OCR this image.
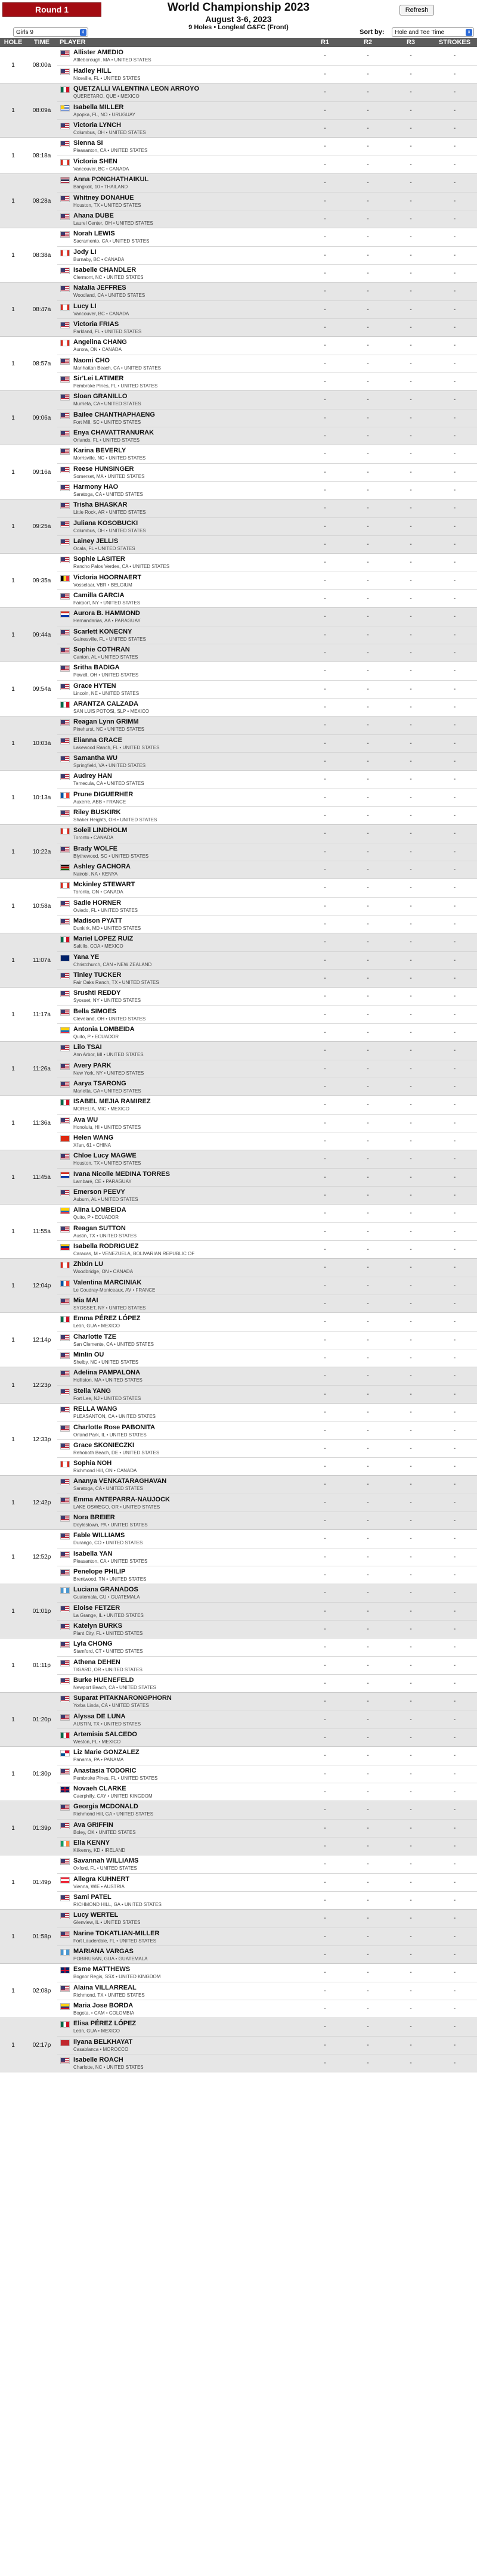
Round 1	World Championship 2023
August 3-6, 2023
9 Holes • Longleaf G&FC (Front)
Refresh
Girls 9	⇕	Sort by:	Hole and Tee Time	⇕
HOLE	TIME	PLAYER	R1	R2	R3	STROKES
1	08:00a
Allister AMEDIO
Attleborough, MA • UNITED STATES
-	-	-	-
Hadley HILL
Niceville, FL • UNITED STATES
-	-	-	-
1	08:09a
QUETZALLI VALENTINA LEON ARROYO
QUERETARO, QUE • MEXICO
-	-	-	-
Isabella MILLER
Apopka, FL, NO • URUGUAY
-	-	-	-
Victoria LYNCH
Columbus, OH • UNITED STATES
-	-	-	-
1	08:18a
Sienna SI
Pleasanton, CA • UNITED STATES
-	-	-	-
Victoria SHEN
Vancouver, BC • CANADA
-	-	-	-
1	08:28a
Anna PONGHATHAIKUL
Bangkok, 10 • THAILAND
-	-	-	-
Whitney DONAHUE
Houston, TX • UNITED STATES
-	-	-	-
Ahana DUBE
Laurel Center, OH • UNITED STATES
-	-	-	-
1	08:38a
Norah LEWIS
Sacramento, CA • UNITED STATES
-	-	-	-
Jody LI
Burnaby, BC • CANADA
-	-	-	-
Isabelle CHANDLER
Clermont, NC • UNITED STATES
-	-	-	-
1	08:47a
Natalia JEFFRES
Woodland, CA • UNITED STATES
-	-	-	-
Lucy LI
Vancouver, BC • CANADA
-	-	-	-
Victoria FRIAS
Parkland, FL • UNITED STATES
-	-	-	-
1	08:57a
Angelina CHANG
Aurora, ON • CANADA
-	-	-	-
Naomi CHO
Manhattan Beach, CA • UNITED STATES
-	-	-	-
Sir'Lei LATIMER
Pembroke Pines, FL • UNITED STATES
-	-	-	-
1	09:06a
Sloan GRANILLO
Murrieta, CA • UNITED STATES
-	-	-	-
Bailee CHANTHAPHAENG
Fort Mill, SC • UNITED STATES
-	-	-	-
Enya CHAVATTRANURAK
Orlando, FL • UNITED STATES
-	-	-	-
1	09:16a
Karina BEVERLY
Morrisville, NC • UNITED STATES
-	-	-	-
Reese HUNSINGER
Somerset, MA • UNITED STATES
-	-	-	-
Harmony HAO
Saratoga, CA • UNITED STATES
-	-	-	-
1	09:25a
Trisha BHASKAR
Little Rock, AR • UNITED STATES
-	-	-	-
Juliana KOSOBUCKI
Columbus, OH • UNITED STATES
-	-	-	-
Lainey JELLIS
Ocala, FL • UNITED STATES
-	-	-	-
1	09:35a
Sophie LASITER
Rancho Palos Verdes, CA • UNITED STATES
-	-	-	-
Victoria HOORNAERT
Vosselaar, VBR • BELGIUM
-	-	-	-
Camilla GARCIA
Fairport, NY • UNITED STATES
-	-	-	-
1	09:44a
Aurora B. HAMMOND
Hernandarias, AA • PARAGUAY
-	-	-	-
Scarlett KONECNY
Gainesville, FL • UNITED STATES
-	-	-	-
Sophie COTHRAN
Canton, AL • UNITED STATES
-	-	-	-
1	09:54a
Sritha BADIGA
Powell, OH • UNITED STATES
-	-	-	-
Grace HYTEN
Lincoln, NE • UNITED STATES
-	-	-	-
ARANTZA CALZADA
SAN LUIS POTOSI, SLP • MEXICO
-	-	-	-
1	10:03a
Reagan Lynn GRIMM
Pinehurst, NC • UNITED STATES
-	-	-	-
Elianna GRACE
Lakewood Ranch, FL • UNITED STATES
-	-	-	-
Samantha WU
Springfield, VA • UNITED STATES
-	-	-	-
1	10:13a
Audrey HAN
Temecula, CA • UNITED STATES
-	-	-	-
Prune DIGUERHER
Auxerre, ABB • FRANCE
-	-	-	-
Riley BUSKIRK
Shaker Heights, OH • UNITED STATES
-	-	-	-
1	10:22a
Soleil LINDHOLM
Toronto • CANADA
-	-	-	-
Brady WOLFE
Blythewood, SC • UNITED STATES
-	-	-	-
Ashley GACHORA
Nairobi, NA • KENYA
-	-	-	-
1	10:58a
Mckinley STEWART
Toronto, ON • CANADA
-	-	-	-
Sadie HORNER
Oviedo, FL • UNITED STATES
-	-	-	-
Madison PYATT
Dunkirk, MD • UNITED STATES
-	-	-	-
1	11:07a
Mariel LOPEZ RUIZ
Saltillo, COA • MEXICO
-	-	-	-
Yana YE
Christchurch, CAN • NEW ZEALAND
-	-	-	-
Tinley TUCKER
Fair Oaks Ranch, TX • UNITED STATES
-	-	-	-
1	11:17a
Srushti REDDY
Syosset, NY • UNITED STATES
-	-	-	-
Bella SIMOES
Cleveland, OH • UNITED STATES
-	-	-	-
Antonia LOMBEIDA
Quito, P • ECUADOR
-	-	-	-
1	11:26a
Lilo TSAI
Ann Arbor, MI • UNITED STATES
-	-	-	-
Avery PARK
New York, NY • UNITED STATES
-	-	-	-
Aarya TSARONG
Marietta, GA • UNITED STATES
-	-	-	-
1	11:36a
ISABEL MEJIA RAMIREZ
MORELIA, MIC • MEXICO
-	-	-	-
Ava WU
Honolulu, HI • UNITED STATES
-	-	-	-
Helen WANG
Xi'an, 61 • CHINA
-	-	-	-
1	11:45a
Chloe Lucy MAGWE
Houston, TX • UNITED STATES
-	-	-	-
Ivana Nicolle MEDINA TORRES
Lambaré, CE • PARAGUAY
-	-	-	-
Emerson PEEVY
Auburn, AL • UNITED STATES
-	-	-	-
1	11:55a
Alina LOMBEIDA
Quito, P • ECUADOR
-	-	-	-
Reagan SUTTON
Austin, TX • UNITED STATES
-	-	-	-
Isabella RODRIGUEZ
Caracas, M • VENEZUELA, BOLIVARIAN REPUBLIC OF
-	-	-	-
1	12:04p
Zhixin LU
Woodbridge, ON • CANADA
-	-	-	-
Valentina MARCINIAK
Le Coudray-Montceaux, AV • FRANCE
-	-	-	-
Mia MAI
SYOSSET, NY • UNITED STATES
-	-	-	-
1	12:14p
Emma PÉREZ LÓPEZ
León, GUA • MEXICO
-	-	-	-
Charlotte TZE
San Clemente, CA • UNITED STATES
-	-	-	-
Minlin OU
Shelby, NC • UNITED STATES
-	-	-	-
1	12:23p
Adelina PAMPALONA
Holliston, MA • UNITED STATES
-	-	-	-
Stella YANG
Fort Lee, NJ • UNITED STATES
-	-	-	-
1	12:33p
RELLA WANG
PLEASANTON, CA • UNITED STATES
-	-	-	-
Charlotte Rose PABONITA
Orland Park, IL • UNITED STATES
-	-	-	-
Grace SKONIECZKI
Rehoboth Beach, DE • UNITED STATES
-	-	-	-
Sophia NOH
Richmond Hill, ON • CANADA
-	-	-	-
1	12:42p
Ananya VENKATARAGHAVAN
Saratoga, CA • UNITED STATES
-	-	-	-
Emma ANTEPARRA-NAUJOCK
LAKE OSWEGO, OR • UNITED STATES
-	-	-	-
Nora BREIER
Doylestown, PA • UNITED STATES
-	-	-	-
1	12:52p
Fable WILLIAMS
Durango, CO • UNITED STATES
-	-	-	-
Isabella YAN
Pleasanton, CA • UNITED STATES
-	-	-	-
Penelope PHILIP
Brentwood, TN • UNITED STATES
-	-	-	-
1	01:01p
Luciana GRANADOS
Guatemala, GU • GUATEMALA
-	-	-	-
Eloise FETZER
La Grange, IL • UNITED STATES
-	-	-	-
Katelyn BURKS
Plant City, FL • UNITED STATES
-	-	-	-
1	01:11p
Lyla CHONG
Stamford, CT • UNITED STATES
-	-	-	-
Athena DEHEN
TIGARD, OR • UNITED STATES
-	-	-	-
Burke HUENEFELD
Newport Beach, CA • UNITED STATES
-	-	-	-
1	01:20p
Suparat PITAKNARONGPHORN
Yorba Linda, CA • UNITED STATES
-	-	-	-
Alyssa DE LUNA
AUSTIN, TX • UNITED STATES
-	-	-	-
Artemisia SALCEDO
Weston, FL • MEXICO
-	-	-	-
1	01:30p
Liz Marie GONZALEZ
Panama, PA • PANAMA
-	-	-	-
Anastasia TODORIC
Pembroke Pines, FL • UNITED STATES
-	-	-	-
Novaeh CLARKE
Caerphilly, CAY • UNITED KINGDOM
-	-	-	-
1	01:39p
Georgia MCDONALD
Richmond Hill, GA • UNITED STATES
-	-	-	-
Ava GRIFFIN
Boley, OK • UNITED STATES
-	-	-	-
Ella KENNY
Kilkenny, KD • IRELAND
-	-	-	-
1	01:49p
Savannah WILLIAMS
Oxford, FL • UNITED STATES
-	-	-	-
Allegra KUHNERT
Vienna, WIE • AUSTRIA
-	-	-	-
Sami PATEL
RICHMOND HILL, GA • UNITED STATES
-	-	-	-
1	01:58p
Lucy WERTEL
Glenview, IL • UNITED STATES
-	-	-	-
Narine TOKATLIAN-MILLER
Fort Lauderdale, FL • UNITED STATES
-	-	-	-
MARIANA VARGAS
POBIRUSAN, GUA • GUATEMALA
-	-	-	-
1	02:08p
Esme MATTHEWS
Bognor Regis, SSX • UNITED KINGDOM
-	-	-	-
Alaina VILLARREAL
Richmond, TX • UNITED STATES
-	-	-	-
Maria Jose BORDA
Bogota, • CAM • COLOMBIA
-	-	-	-
1	02:17p
Elisa PÉREZ LÓPEZ
León, GUA • MEXICO
-	-	-	-
Ilyana BELKHAYAT
Casablanca • MOROCCO
-	-	-	-
Isabelle ROACH
Charlotte, NC • UNITED STATES
-	-	-	-
